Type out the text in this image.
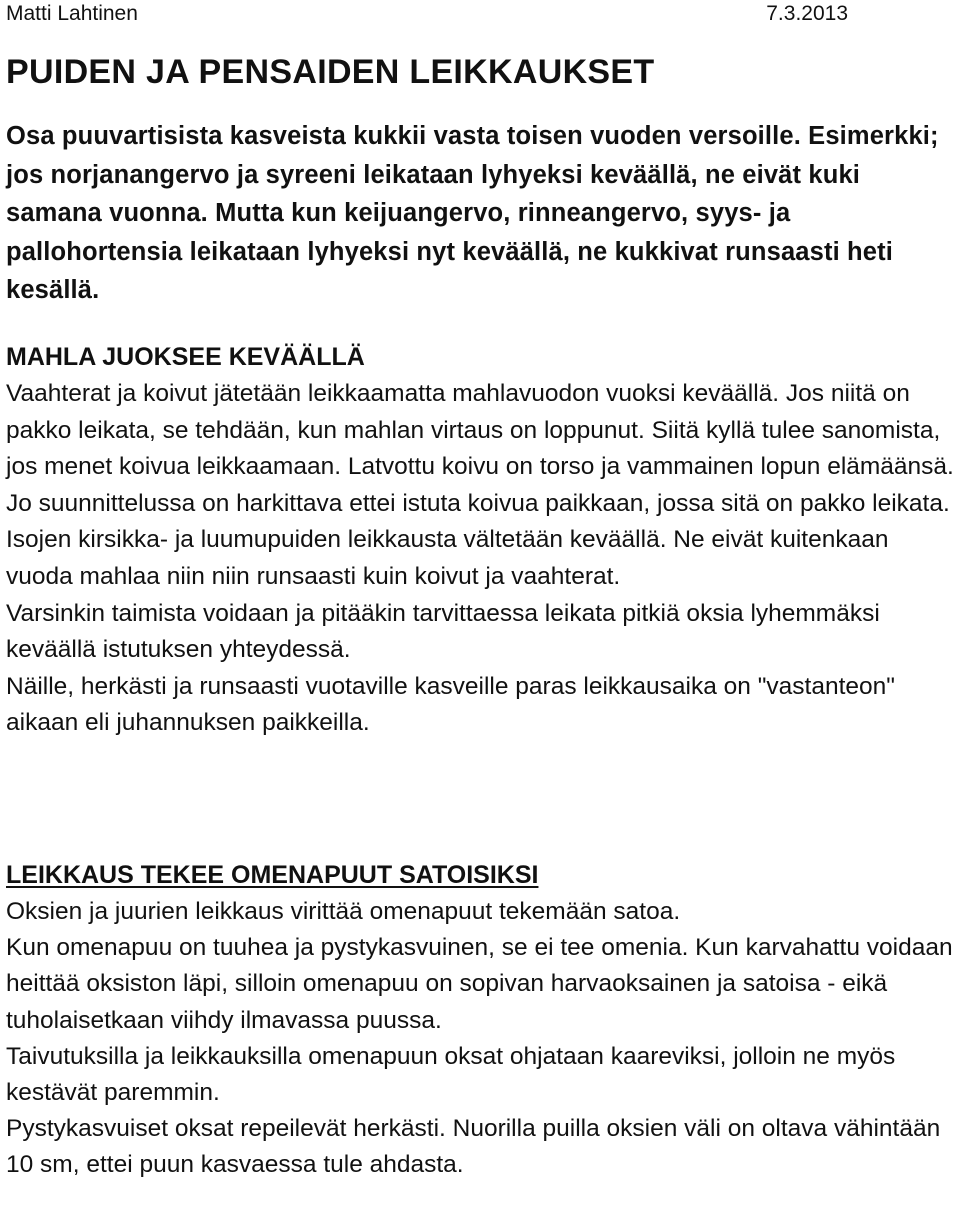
Matti Lahtinen	7.3.2013
PUIDEN JA PENSAIDEN LEIKKAUKSET

Osa puuvartisista kasveista kukkii vasta toisen vuoden versoille. Esimerkki; jos norjanangervo ja syreeni leikataan lyhyeksi keväällä, ne eivät kuki samana vuonna. Mutta kun keijuangervo, rinneangervo, syys- ja pallohortensia leikataan lyhyeksi nyt keväällä, ne kukkivat runsaasti heti kesällä.

MAHLA JUOKSEE KEVÄÄLLÄ

Vaahterat ja koivut jätetään leikkaamatta mahlavuodon vuoksi keväällä. Jos niitä on pakko leikata, se tehdään, kun mahlan virtaus on loppunut. Siitä kyllä tulee sanomista, jos menet koivua leikkaamaan. Latvottu koivu on torso ja vammainen lopun elämäänsä. Jo suunnittelussa on harkittava ettei istuta koivua paikkaan, jossa sitä on pakko leikata.

Isojen kirsikka- ja luumupuiden leikkausta vältetään keväällä. Ne eivät kuitenkaan vuoda mahlaa niin niin runsaasti kuin koivut ja vaahterat.

Varsinkin taimista voidaan ja pitääkin tarvittaessa leikata pitkiä oksia lyhemmäksi keväällä istutuksen yhteydessä.

Näille, herkästi ja runsaasti vuotaville kasveille paras leikkausaika on "vastanteon" aikaan eli juhannuksen paikkeilla.

LEIKKAUS TEKEE OMENAPUUT SATOISIKSI

Oksien ja juurien leikkaus virittää omenapuut tekemään satoa.

Kun omenapuu on tuuhea ja pystykasvuinen, se ei tee omenia. Kun karvahattu voidaan heittää oksiston läpi, silloin omenapuu on sopivan harvaoksainen ja satoisa - eikä tuholaisetkaan viihdy ilmavassa puussa.

Taivutuksilla ja leikkauksilla omenapuun oksat ohjataan kaareviksi, jolloin ne myös kestävät paremmin.

Pystykasvuiset oksat repeilevät herkästi. Nuorilla puilla oksien väli on oltava vähintään 10 sm, ettei puun kasvaessa tule ahdasta.
